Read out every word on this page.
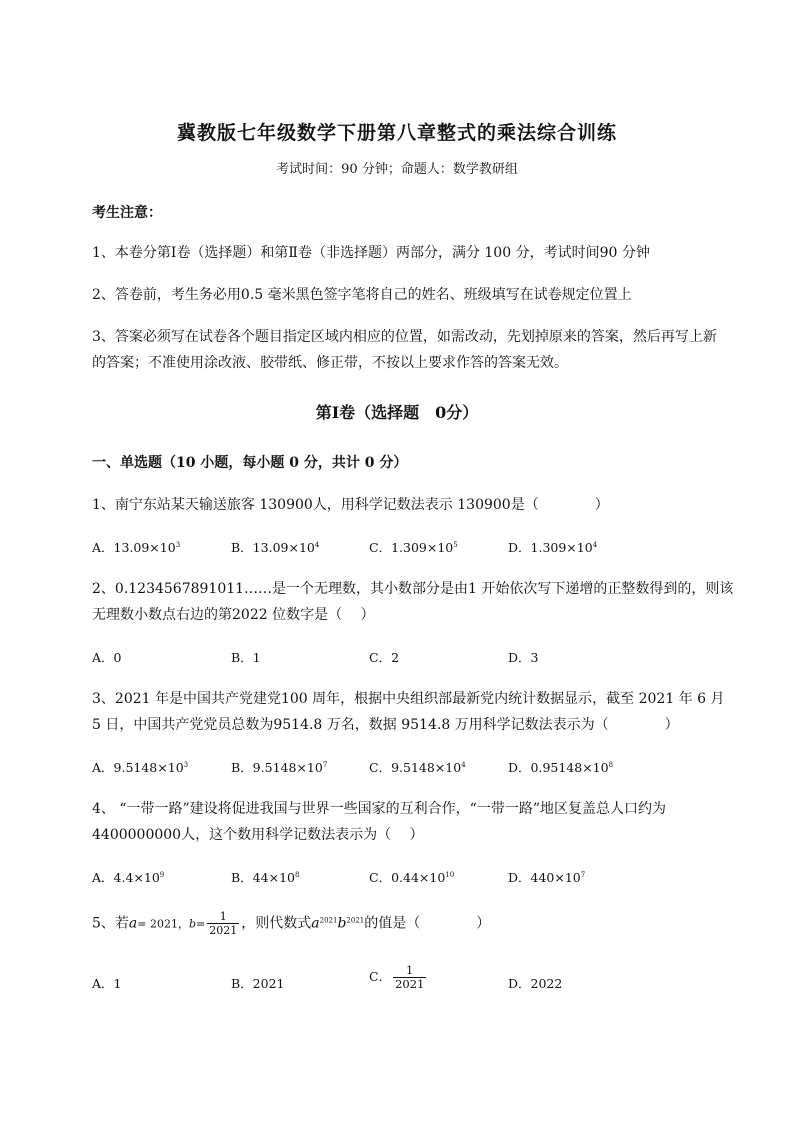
冀教版七年级数学下册第八章整式的乘法综合训练
考试时间：90 分钟；命题人：数学教研组
考生注意：
1、本卷分第Ⅰ卷（选择题）和第Ⅱ卷（非选择题）两部分，满分 100 分，考试时间90 分钟
2、答卷前，考生务必用0.5 毫米黑色签字笔将自己的姓名、班级填写在试卷规定位置上
3、答案必须写在试卷各个题目指定区域内相应的位置，如需改动，先划掉原来的答案，然后再写上新
的答案；不准使用涂改液、胶带纸、修正带，不按以上要求作答的答案无效。
第Ⅰ卷（选择题　0分）
一、单选题（10 小题，每小题 0 分，共计 0 分）
1、南宁东站某天输送旅客 130900人，用科学记数法表示 130900是（　　　　）
A．$13.09\times 10^3$	B．$13.09\times 10^4$	C．$1.309\times 10^5$	D．$1.309\times 10^4$
2、0.1234567891011……是一个无理数，其小数部分是由1 开始依次写下递增的正整数得到的，则该
无理数小数点右边的第2022 位数字是（　 ）
A．0	B．1	C．2	D．3
3、2021 年是中国共产党建党100 周年，根据中央组织部最新党内统计数据显示，截至 2021 年 6 月
5 日，中国共产党党员总数为9514.8 万名，数据 9514.8 万用科学记数法表示为（　　　　）
A．$9.5148\times 10^3$	B．$9.5148\times 10^7$	C．$9.5148\times 10^4$	D．$0.95148\times 10^8$
4、 “一带一路”建设将促进我国与世界一些国家的互利合作，“一带一路”地区复盖总人口约为
4400000000人，这个数用科学记数法表示为（　 ）
A．$4.4\times 10^9$	B．$44\times 10^8$	C．$0.44\times 10^{10}$	D．$440\times 10^7$
5、若a= 2021，$b= \frac{1}{2021}$ ，则代数式$a^{2021}b^{2021}$的值是（　　　　）
A．1	B．2021	C． $\frac{1}{2021}$	D．2022
